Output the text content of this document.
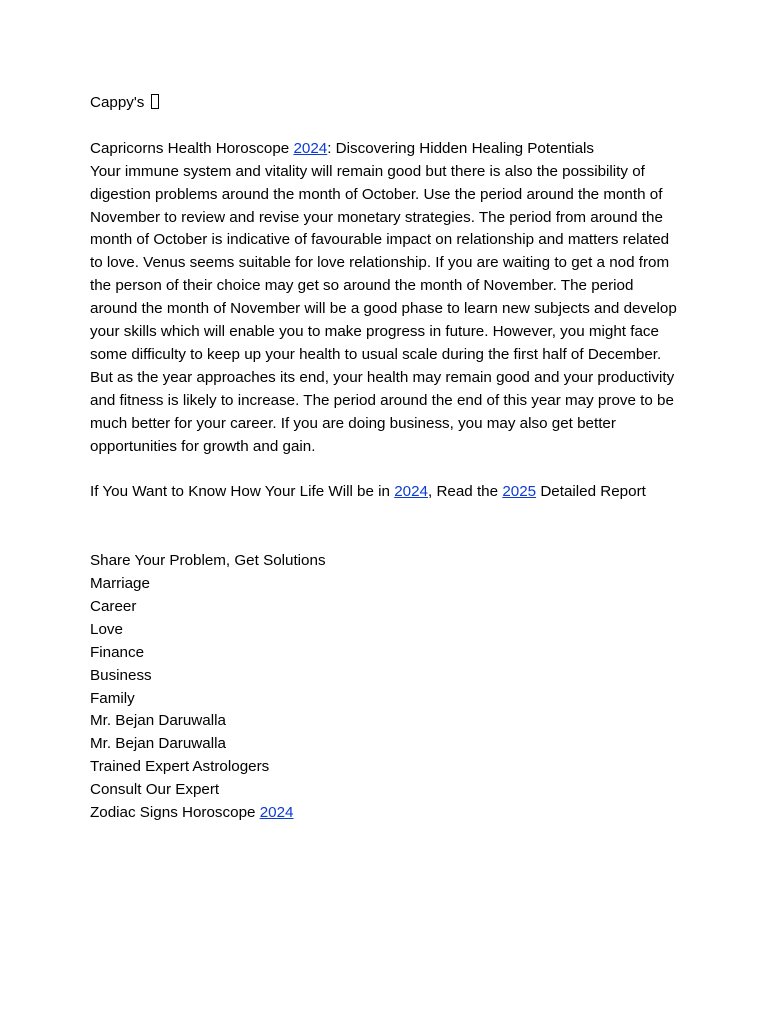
Cappy's
Capricorns Health Horoscope 2024: Discovering Hidden Healing Potentials
Your immune system and vitality will remain good but there is also the possibility of digestion problems around the month of October. Use the period around the month of November to review and revise your monetary strategies. The period from around the month of October is indicative of favourable impact on relationship and matters related to love. Venus seems suitable for love relationship. If you are waiting to get a nod from the person of their choice may get so around the month of November. The period around the month of November will be a good phase to learn new subjects and develop your skills which will enable you to make progress in future. However, you might face some difficulty to keep up your health to usual scale during the first half of December. But as the year approaches its end, your health may remain good and your productivity and fitness is likely to increase. The period around the end of this year may prove to be much better for your career. If you are doing business, you may also get better opportunities for growth and gain.
If You Want to Know How Your Life Will be in 2024, Read the 2025 Detailed Report
Share Your Problem, Get Solutions
Marriage
Career
Love
Finance
Business
Family
Mr. Bejan Daruwalla
Mr. Bejan Daruwalla
Trained Expert Astrologers
Consult Our Expert
Zodiac Signs Horoscope 2024
